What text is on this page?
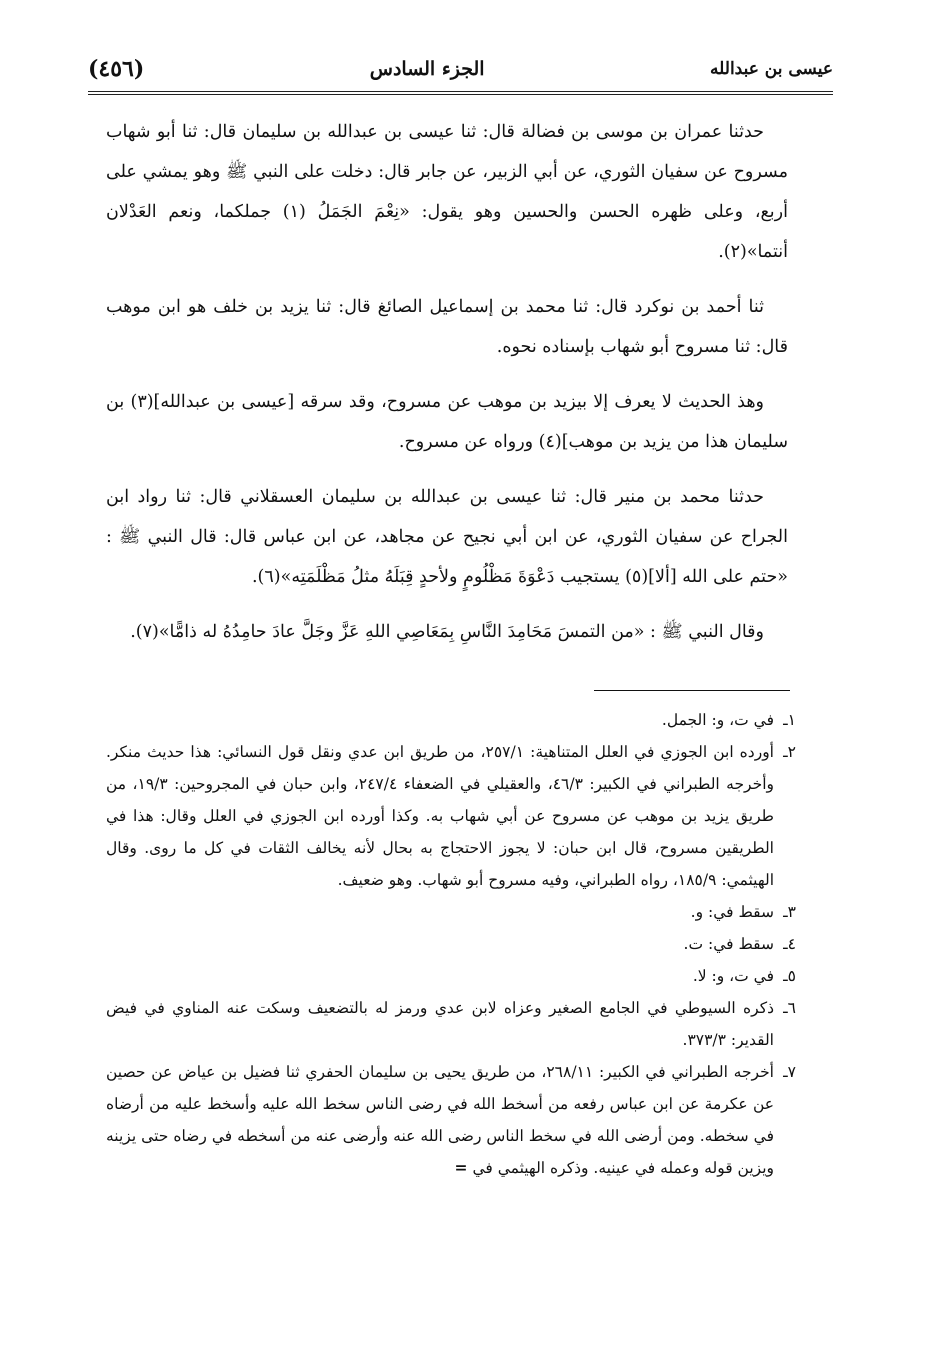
(٤٥٦)	الجزء السادس	عيسى بن عبدالله

حدثنا عمران بن موسى بن فضالة قال: ثنا عيسى بن عبدالله بن سليمان قال: ثنا أبو شهاب مسروح عن سفيان الثوري، عن أبي الزبير، عن جابر قال: دخلت على النبي ﷺ وهو يمشي على أربع، وعلى ظهره الحسن والحسين وهو يقول: «نِعْمَ الجَمَلُ (١) جملكما، ونعم العَدْلان أنتما»(٢).

ثنا أحمد بن نوكرد قال: ثنا محمد بن إسماعيل الصائغ قال: ثنا يزيد بن خلف هو ابن موهب قال: ثنا مسروح أبو شهاب بإسناده نحوه.

وهذ الحديث لا يعرف إلا بيزيد بن موهب عن مسروح، وقد سرقه [عيسى بن عبدالله](٣) بن سليمان هذا من يزيد بن موهب](٤) ورواه عن مسروح.

حدثنا محمد بن منير قال: ثنا عيسى بن عبدالله بن سليمان العسقلاني قال: ثنا رواد ابن الجراح عن سفيان الثوري، عن ابن أبي نجيح عن مجاهد، عن ابن عباس قال: قال النبي ﷺ : «حتم على الله [ألا](٥) يستجيب دَعْوَةَ مَظْلُومٍ ولأحدٍ قِبَلَهُ مثلُ مَظْلَمَتِه»(٦).

وقال النبي ﷺ : «من التمسَ مَحَامِدَ النَّاسِ بِمَعَاصِي اللهِ عَزَّ وجَلَّ عادَ حامِدُهُ له ذامًّا»(٧).

١ـ
في ت، و: الجمل.
٢ـ
أورده ابن الجوزي في العلل المتناهية: ٢٥٧/١، من طريق ابن عدي ونقل قول النسائي: هذا حديث منكر. وأخرجه الطبراني في الكبير: ٤٦/٣، والعقيلي في الضعفاء ٢٤٧/٤، وابن حبان في المجروحين: ١٩/٣، من طريق يزيد بن موهب عن مسروح عن أبي شهاب به. وكذا أورده ابن الجوزي في العلل وقال: هذا في الطريقين مسروح، قال ابن حبان: لا يجوز الاحتجاج به بحال لأنه يخالف الثقات في كل ما روى. وقال الهيثمي: ١٨٥/٩، رواه الطبراني، وفيه مسروح أبو شهاب. وهو ضعيف.
٣ـ
سقط في: و.
٤ـ
سقط في: ت.
٥ـ
في ت، و: لا.
٦ـ
ذكره السيوطي في الجامع الصغير وعزاه لابن عدي ورمز له بالتضعيف وسكت عنه المناوي في فيض القدير: ٣٧٣/٣.
٧ـ
أخرجه الطبراني في الكبير: ٢٦٨/١١، من طريق يحيى بن سليمان الحفري ثنا فضيل بن عياض عن حصين عن عكرمة عن ابن عباس رفعه من أسخط الله في رضى الناس سخط الله عليه وأسخط عليه من أرضاه في سخطه. ومن أرضى الله في سخط الناس رضى الله عنه وأرضى عنه من أسخطه في رضاه حتى يزينه ويزين قوله وعمله في عينيه. وذكره الهيثمي في =
